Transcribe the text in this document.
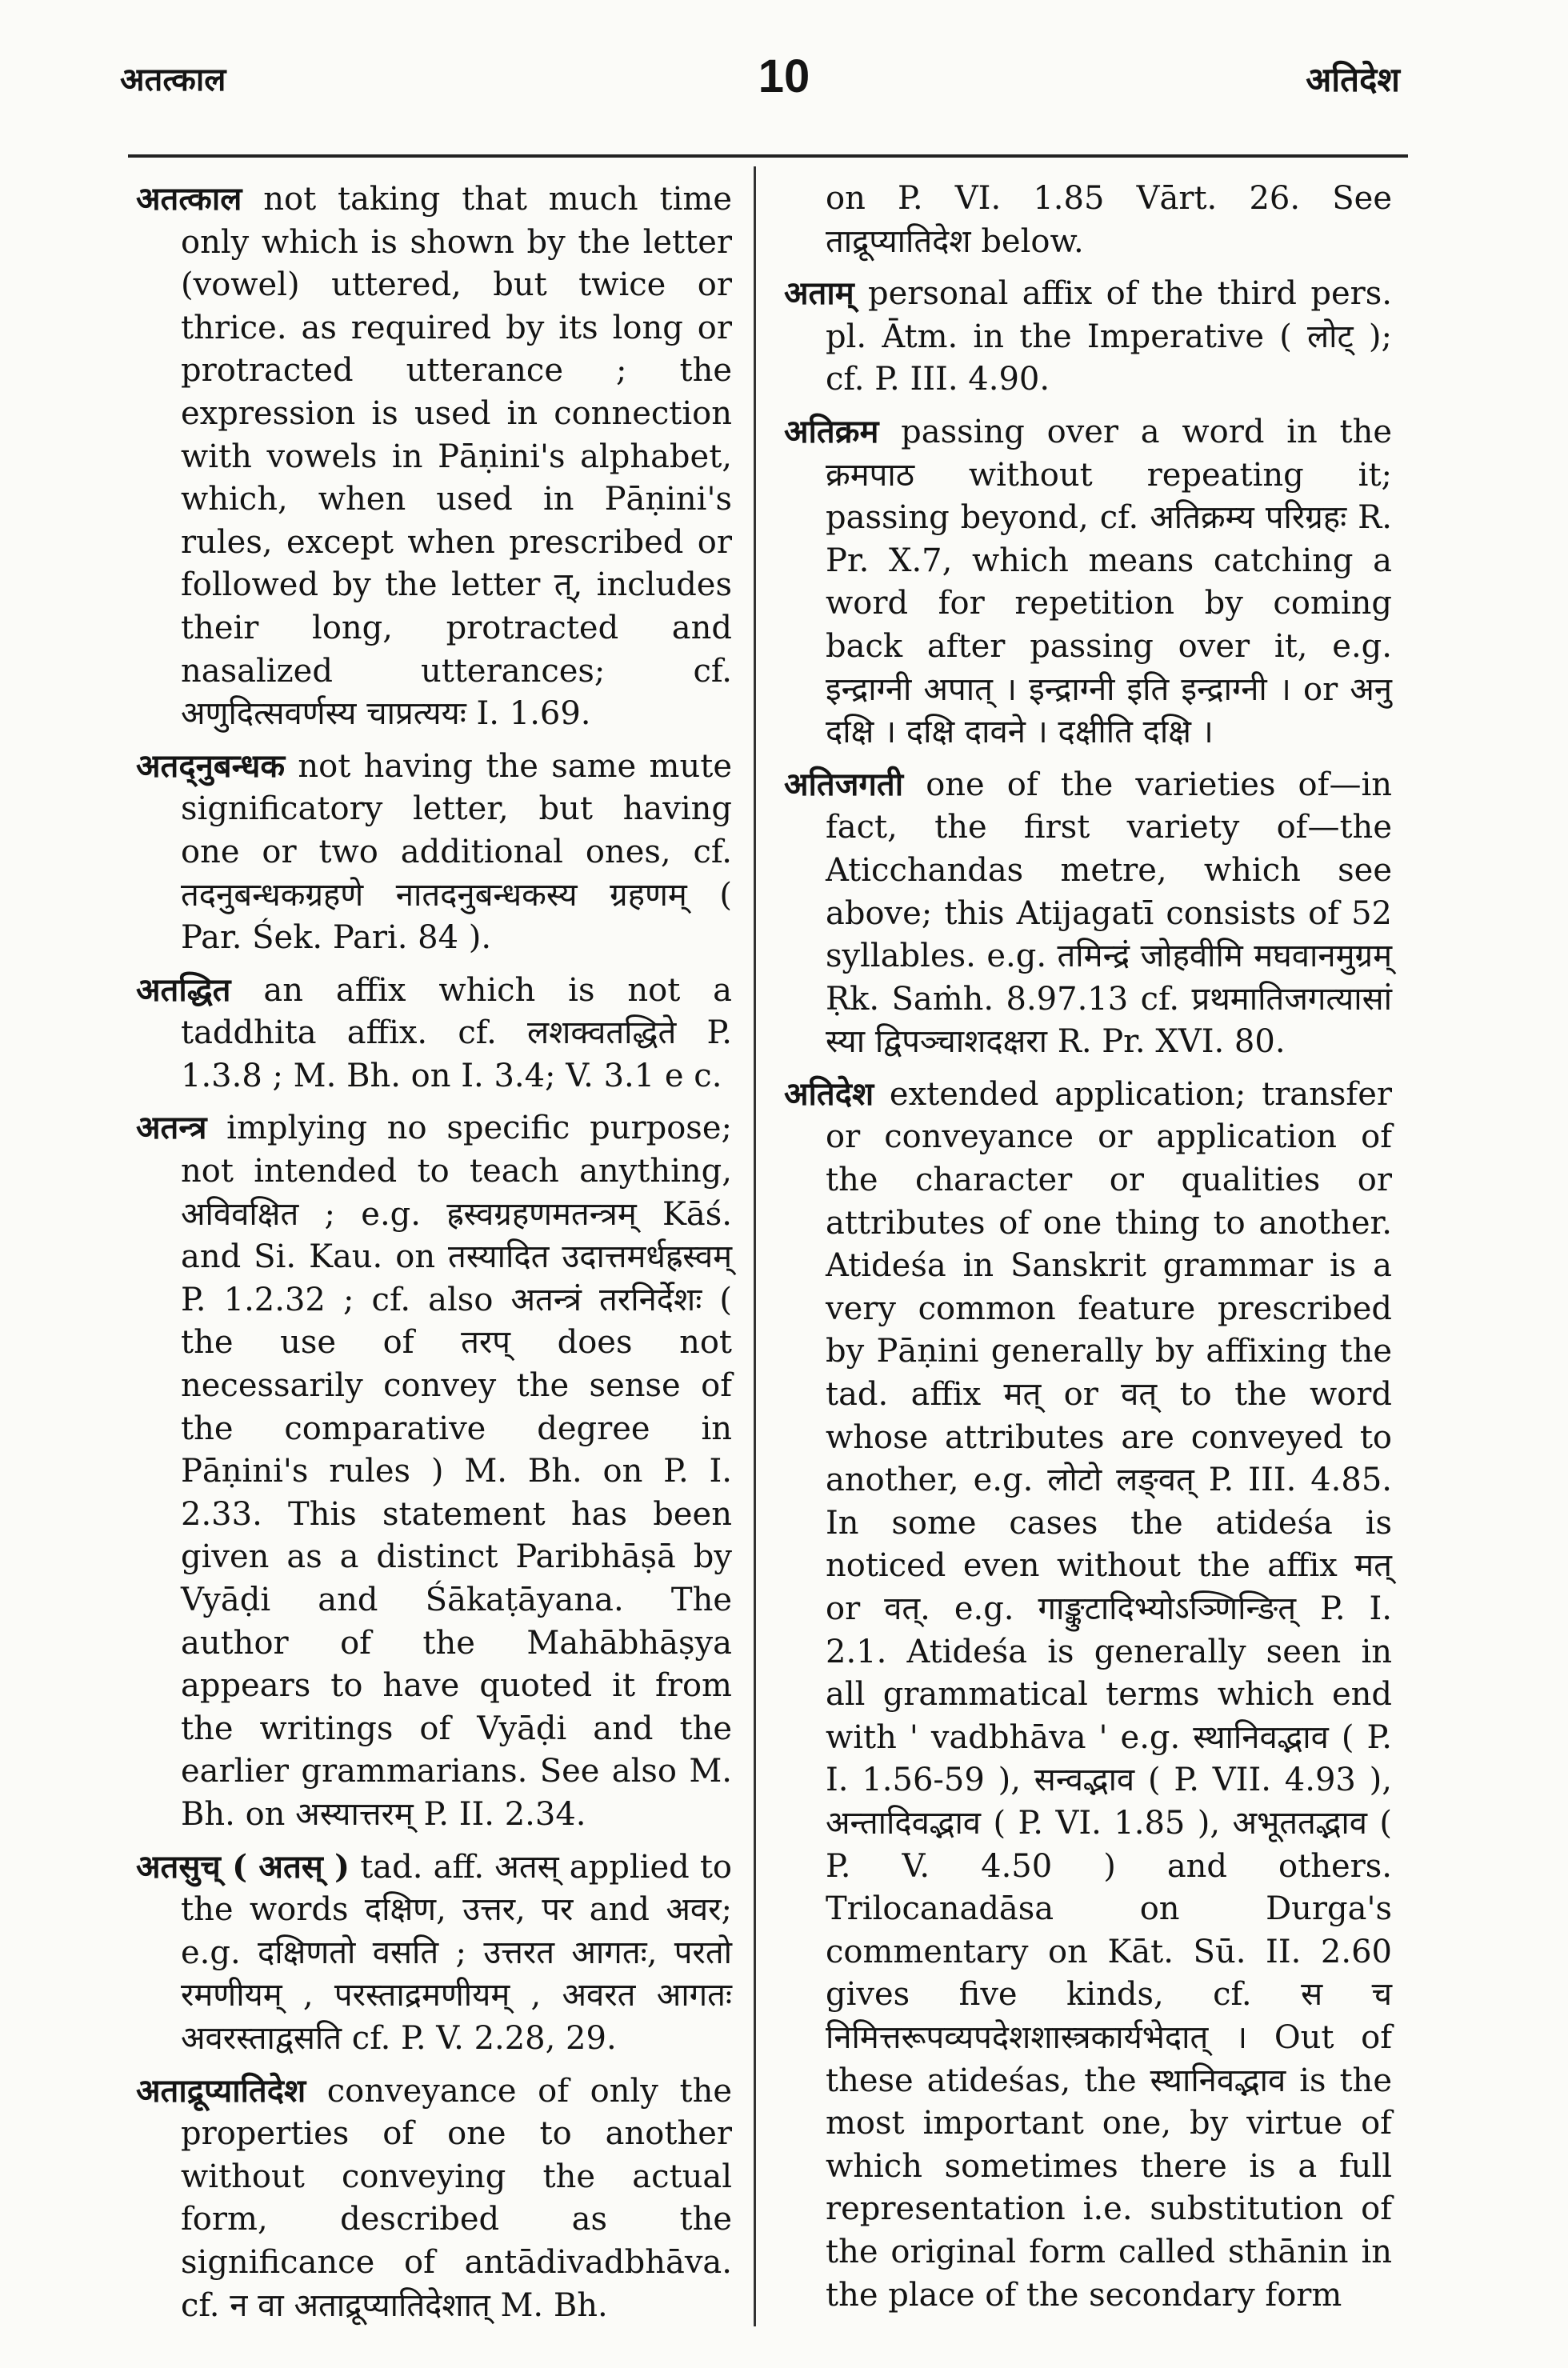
अतत्काल	10	अतिदेश

अतत्काल not taking that much time only which is shown by the letter (vowel) uttered, but twice or thrice. as required by its long or protracted utterance ; the expression is used in connection with vowels in Pāṇini's alphabet, which, when used in Pāṇini's rules, except when prescribed or followed by the letter त्, includes their long, protracted and nasalized utterances; cf. अणुदित्सवर्णस्य चाप्रत्ययः I. 1.69.

अतद्नुबन्धक not having the same mute significatory letter, but having one or two additional ones, cf. तदनुबन्धकग्रहणे नातदनुबन्धकस्य ग्रहणम् ( Par. Śek. Pari. 84 ).

अतद्धित an affix which is not a taddhita affix. cf. लशक्वतद्धिते P. 1.3.8 ; M. Bh. on I. 3.4; V. 3.1 e c.

अतन्त्र implying no specific purpose; not intended to teach anything, अविवक्षित ; e.g. ह्रस्वग्रहणमतन्त्रम् Kāś. and Si. Kau. on तस्यादित उदात्तमर्धह्रस्वम् P. 1.2.32 ; cf. also अतन्त्रं तरनिर्देशः ( the use of तरप् does not necessarily convey the sense of the comparative degree in Pāṇini's rules ) M. Bh. on P. I. 2.33. This statement has been given as a distinct Paribhāṣā by Vyāḍi and Śākaṭāyana. The author of the Mahābhāṣya appears to have quoted it from the writings of Vyāḍi and the earlier grammarians. See also M. Bh. on अस्यात्तरम् P. II. 2.34.

अतसुच् ( अतस् ) tad. aff. अतस् applied to the words दक्षिण, उत्तर, पर and अवर; e.g. दक्षिणतो वसति ; उत्तरत आगतः, परतो रमणीयम् , परस्ताद्रमणीयम् , अवरत आगतः अवरस्ताद्वसति cf. P. V. 2.28, 29.

अताद्रूप्यातिदेश conveyance of only the properties of one to another without conveying the actual form, described as the significance of antādivadbhāva. cf. न वा अताद्रूप्यातिदेशात् M. Bh.

on P. VI. 1.85 Vārt. 26. See ताद्रूप्यातिदेश below.

अताम् personal affix of the third pers. pl. Ātm. in the Imperative ( लोट् ); cf. P. III. 4.90.

अतिक्रम passing over a word in the क्रमपाठ without repeating it; passing beyond, cf. अतिक्रम्य परिग्रहः R. Pr. X.7, which means catching a word for repetition by coming back after passing over it, e.g. इन्द्राग्नी अपात् । इन्द्राग्नी इति इन्द्राग्नी । or अनु दक्षि । दक्षि दावने । दक्षीति दक्षि ।

अतिजगती one of the varieties of—in fact, the first variety of—the Aticchandas metre, which see above; this Atijagatī consists of 52 syllables. e.g. तमिन्द्रं जोहवीमि मघवानमुग्रम् Ṛk. Saṁh. 8.97.13 cf. प्रथमातिजगत्यासां स्या द्विपञ्चाशदक्षरा R. Pr. XVI. 80.

अतिदेश extended application; transfer or conveyance or application of the character or qualities or attributes of one thing to another. Atideśa in Sanskrit grammar is a very common feature prescribed by Pāṇini generally by affixing the tad. affix मत् or वत् to the word whose attributes are conveyed to another, e.g. लोटो लङ्वत् P. III. 4.85. In some cases the atideśa is noticed even without the affix मत् or वत्. e.g. गाङ्कुटादिभ्योऽञ्णिन्ङित् P. I. 2.1. Atideśa is generally seen in all grammatical terms which end with ' vadbhāva ' e.g. स्थानिवद्भाव ( P. I. 1.56-59 ), सन्वद्भाव ( P. VII. 4.93 ), अन्तादिवद्भाव ( P. VI. 1.85 ), अभूततद्भाव ( P. V. 4.50 ) and others. Trilocanadāsa on Durga's commentary on Kāt. Sū. II. 2.60 gives five kinds, cf. स च निमित्तरूपव्यपदेशशास्त्रकार्यभेदात् । Out of these atideśas, the स्थानिवद्भाव is the most important one, by virtue of which sometimes there is a full representation i.e. substitution of the original form called sthānin in the place of the secondary form
